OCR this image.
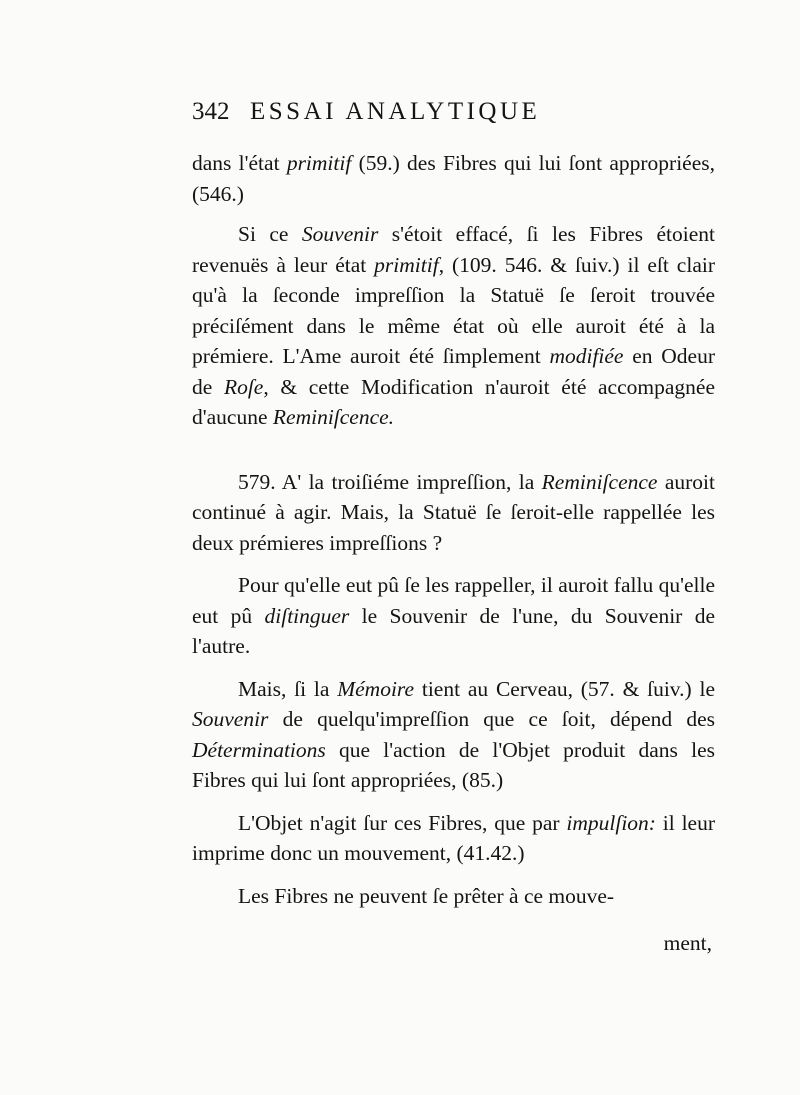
342 ESSAI ANALYTIQUE

dans l'état primitif (59.) des Fibres qui lui ſont appropriées, (546.)

Si ce Souvenir s'étoit effacé, ſi les Fibres étoient revenuës à leur état primitif, (109. 546. & ſuiv.) il eſt clair qu'à la ſeconde impreſſion la Statuë ſe ſeroit trouvée préciſément dans le même état où elle auroit été à la prémiere. L'Ame auroit été ſimplement modifiée en Odeur de Roſe, & cette Modification n'auroit été accompagnée d'aucune Reminiſcence.

579. A' la troiſiéme impreſſion, la Reminiſcence auroit continué à agir. Mais, la Statuë ſe ſeroit-elle rappellée les deux prémieres impreſſions ?

Pour qu'elle eut pû ſe les rappeller, il auroit fallu qu'elle eut pû diſtinguer le Souvenir de l'une, du Souvenir de l'autre.

Mais, ſi la Mémoire tient au Cerveau, (57. & ſuiv.) le Souvenir de quelqu'impreſſion que ce ſoit, dépend des Déterminations que l'action de l'Objet produit dans les Fibres qui lui ſont appropriées, (85.)

L'Objet n'agit ſur ces Fibres, que par impulſion: il leur imprime donc un mouvement, (41.42.)

Les Fibres ne peuvent ſe prêter à ce mouve-

ment,
